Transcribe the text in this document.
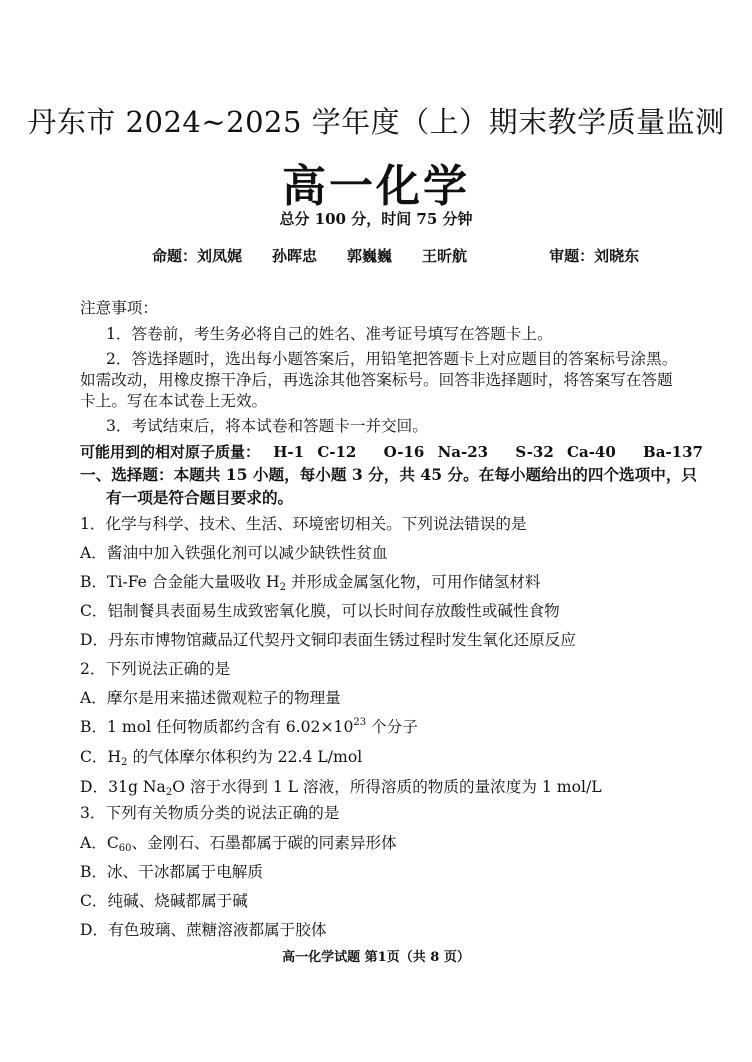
丹东市 2024~2025 学年度（上）期末教学质量监测
高一化学
总分 100 分，时间 75 分钟
命题：刘凤娓 孙晖忠 郭巍巍 王昕航	审题：刘晓东
注意事项：
1．答卷前，考生务必将自己的姓名、准考证号填写在答题卡上。
2．答选择题时，选出每小题答案后，用铅笔把答题卡上对应题目的答案标号涂黑。
如需改动，用橡皮擦干净后，再选涂其他答案标号。回答非选择题时，将答案写在答题
卡上。写在本试卷上无效。
3．考试结束后，将本试卷和答题卡一并交回。
可能用到的相对原子质量： H-1 C-12 O-16 Na-23 S-32 Ca-40 Ba-137
一、选择题：本题共 15 小题，每小题 3 分，共 45 分。在每小题给出的四个选项中，只
有一项是符合题目要求的。
1．化学与科学、技术、生活、环境密切相关。下列说法错误的是
A．酱油中加入铁强化剂可以减少缺铁性贫血
B．Ti-Fe 合金能大量吸收 $H_2$ 并形成金属氢化物，可用作储氢材料
C．铝制餐具表面易生成致密氧化膜，可以长时间存放酸性或碱性食物
D．丹东市博物馆藏品辽代契丹文铜印表面生锈过程时发生氧化还原反应
2．下列说法正确的是
A．摩尔是用来描述微观粒子的物理量
B．1 mol 任何物质都约含有 $6.02\times 10^{23}$ 个分子
C．$H_2$ 的气体摩尔体积约为 22.4 L/mol
D．31g $Na_2O$ 溶于水得到 1 L 溶液，所得溶质的物质的量浓度为 1 mol/L
3．下列有关物质分类的说法正确的是
A．$C_{60}$、金刚石、石墨都属于碳的同素异形体
B．冰、干冰都属于电解质
C．纯碱、烧碱都属于碱
D．有色玻璃、蔗糖溶液都属于胶体
高一化学试题 第1页（共 8 页）
